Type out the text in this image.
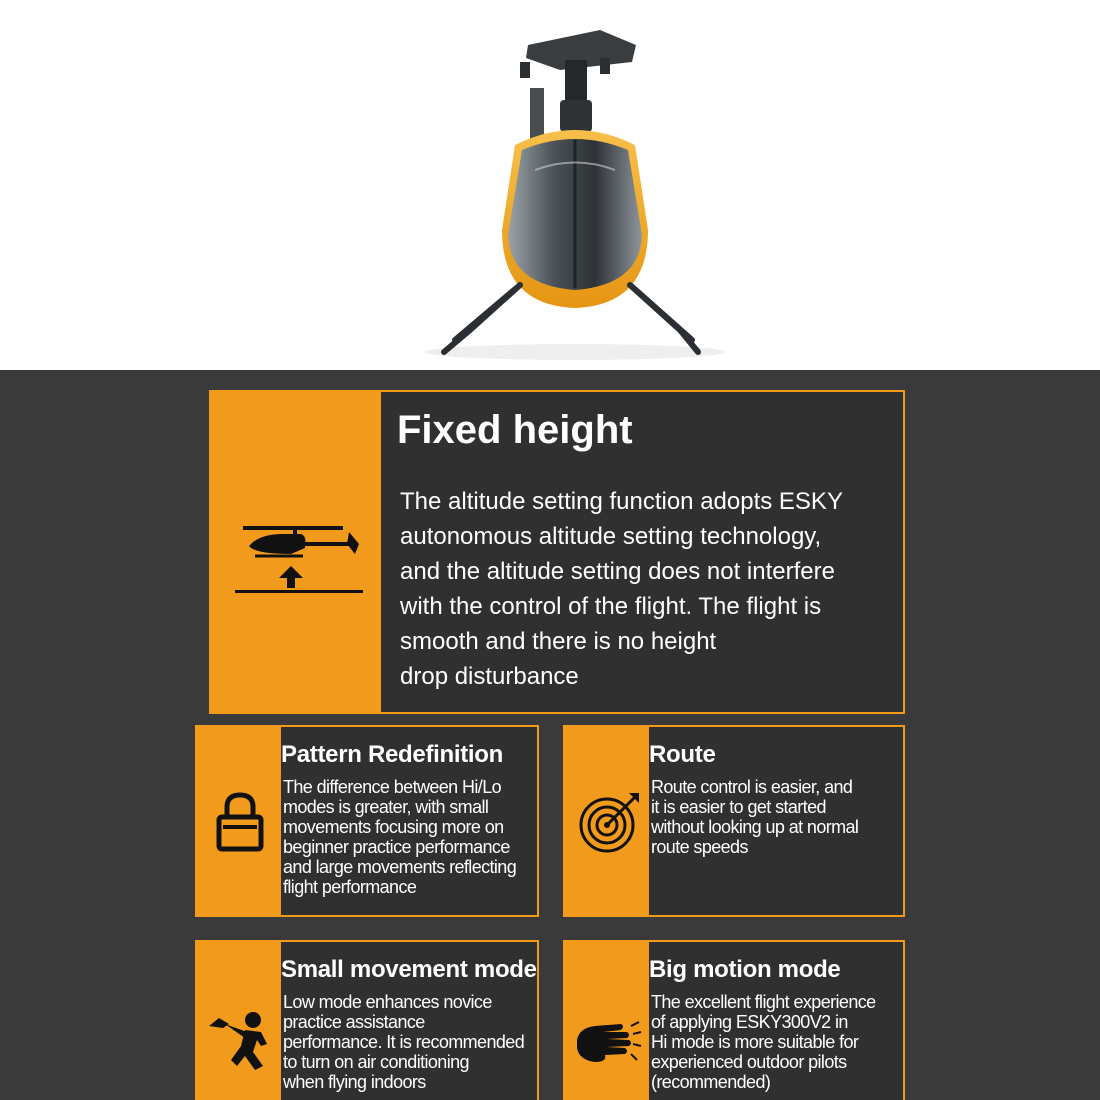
Fixed height
The altitude setting function adopts ESKY
autonomous altitude setting technology,
and the altitude setting does not interfere
with the control of the flight. The flight is
smooth and there is no height
drop disturbance
Pattern Redefinition
The difference between Hi/Lo
modes is greater, with small
movements focusing more on
beginner practice performance
and large movements reflecting
flight performance
Route
Route control is easier, and
it is easier to get started
without looking up at normal
route speeds
Small movement mode
Low mode enhances novice
practice assistance
performance. It is recommended
to turn on air conditioning
when flying indoors
Big motion mode
The excellent flight experience
of applying ESKY300V2 in
Hi mode is more suitable for
experienced outdoor pilots
(recommended)
